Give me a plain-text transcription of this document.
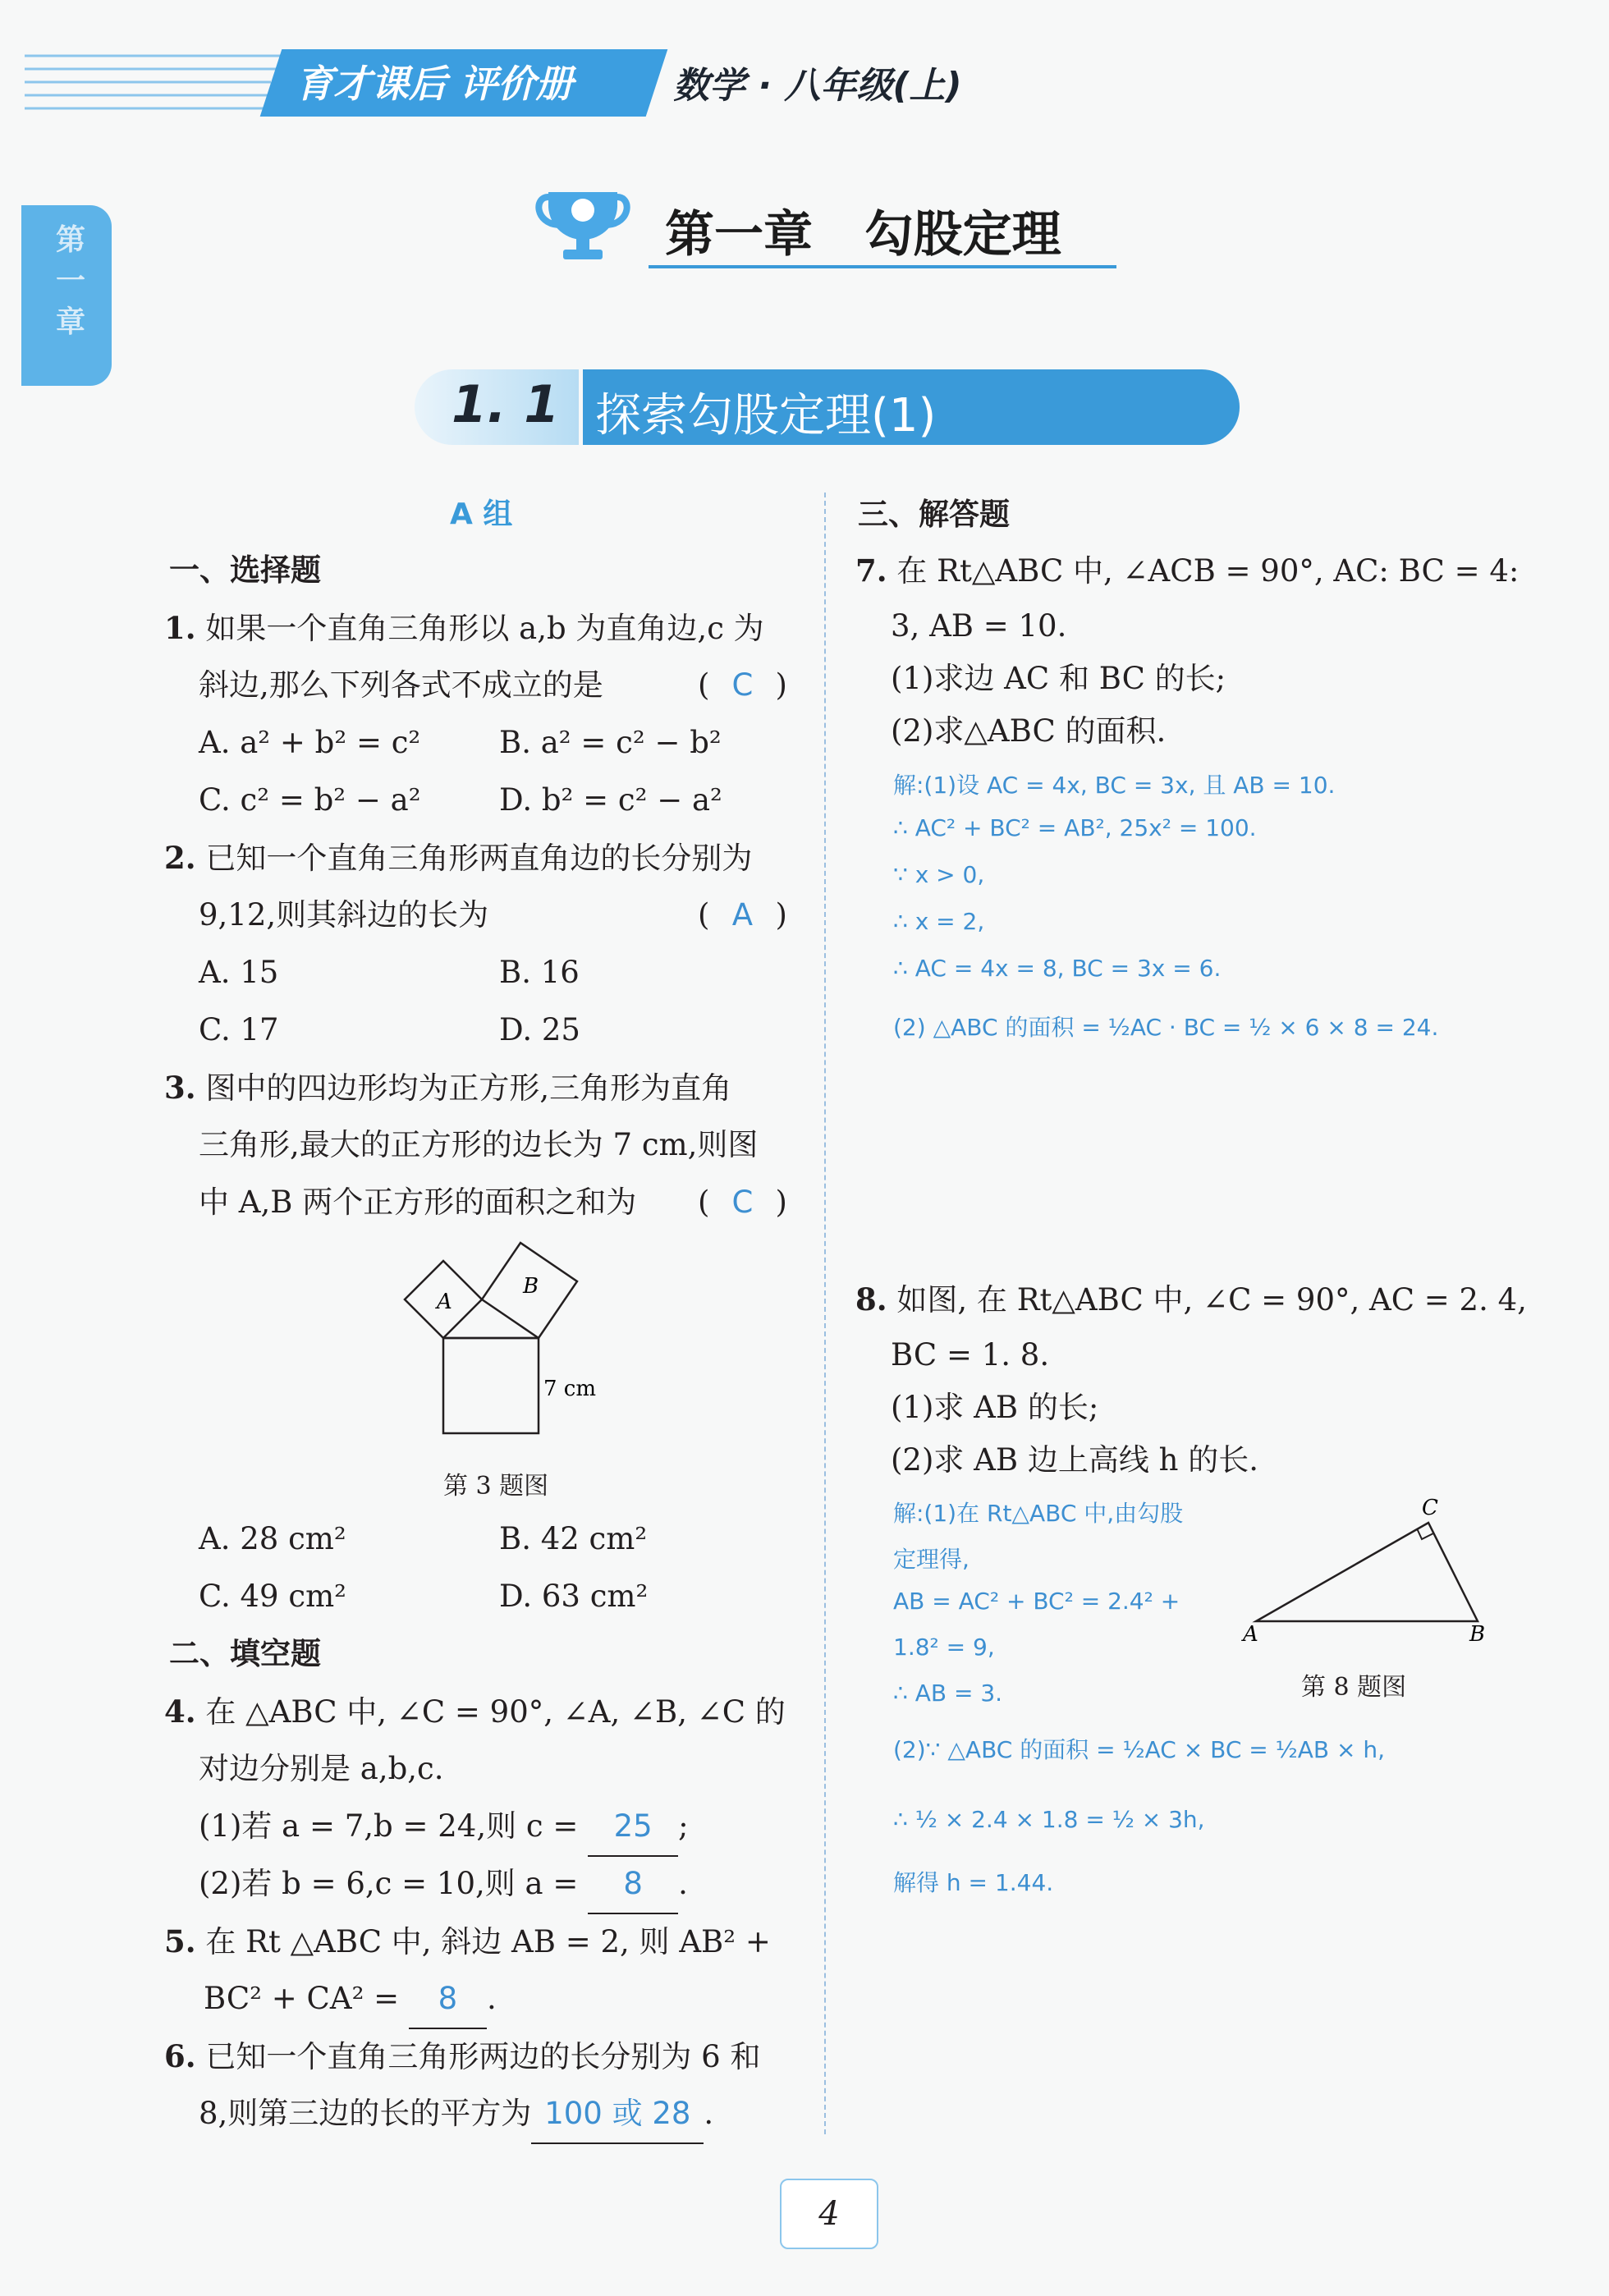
育才课后 评价册	数学 · 八年级(上)
第一章
第一章   勾股定理
1. 1 探索勾股定理(1)
A 组
一、选择题
1. 如果一个直角三角形以 a,b 为直角边,c 为
斜边,那么下列各式不成立的是	( C )
A. a² + b² = c²	B. a² = c² − b²
C. c² = b² − a²	D. b² = c² − a²
2. 已知一个直角三角形两直角边的长分别为
9,12,则其斜边的长为	( A )
A. 15	B. 16
C. 17	D. 25
3. 图中的四边形均为正方形,三角形为直角
三角形,最大的正方形的边长为 7 cm,则图
中 A,B 两个正方形的面积之和为 ( C )
A
B
7 cm
第 3 题图
A. 28 cm²	B. 42 cm²
C. 49 cm²	D. 63 cm²
二、填空题
4. 在 △ABC 中, ∠C = 90°, ∠A, ∠B, ∠C 的
对边分别是 a,b,c.
(1)若 a = 7,b = 24,则 c = 25 ;
(2)若 b = 6,c = 10,则 a = 8 .
5. 在 Rt △ABC 中, 斜边 AB = 2, 则 AB² +
BC² + CA² = 8 .
6. 已知一个直角三角形两边的长分别为 6 和
8,则第三边的长的平方为 100 或 28 .
三、解答题
7. 在 Rt△ABC 中, ∠ACB = 90°, AC: BC = 4:
3, AB = 10.
(1)求边 AC 和 BC 的长;
(2)求△ABC 的面积.
解:(1)设 AC = 4x, BC = 3x, 且 AB = 10.
∴ AC² + BC² = AB², 25x² = 100.
∵ x > 0,
∴ x = 2,
∴ AC = 4x = 8, BC = 3x = 6.
(2) △ABC 的面积 = ½AC · BC = ½ × 6 × 8 = 24.
8. 如图, 在 Rt△ABC 中, ∠C = 90°, AC = 2. 4,
BC = 1. 8.
(1)求 AB 的长;
(2)求 AB 边上高线 h 的长.
解:(1)在 Rt△ABC 中,由勾股
定理得,
AB = AC² + BC² = 2.4² +
1.8² = 9,
∴ AB = 3.
(2)∵ △ABC 的面积 = ½AC × BC = ½AB × h,
∴ ½ × 2.4 × 1.8 = ½ × 3h,
解得 h = 1.44.
A	B
C
第 8 题图
4
